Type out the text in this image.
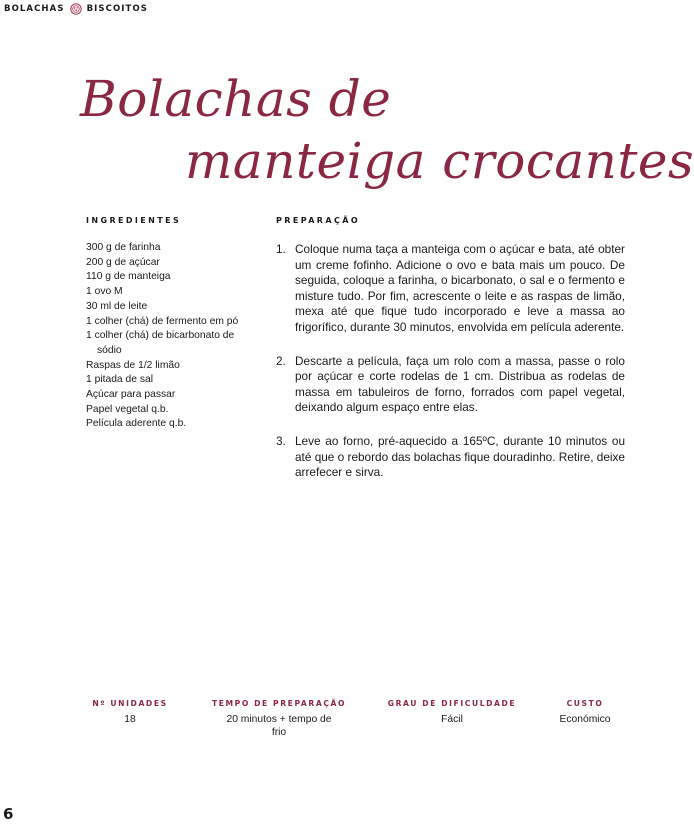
BOLACHAS	BISCOITOS
Bolachas de
manteiga crocantes
INGREDIENTES
300 g de farinha
200 g de açúcar
110 g de manteiga
1 ovo M
30 ml de leite
1 colher (chá) de fermento em pó
1 colher (chá) de bicarbonato de sódio
Raspas de 1/2 limão
1 pitada de sal
Açúcar para passar
Papel vegetal q.b.
Película aderente q.b.
PREPARAÇÃO
1. Coloque numa taça a manteiga com o açúcar e bata, até obter um creme fofinho. Adicione o ovo e bata mais um pouco. De seguida, coloque a farinha, o bicarbonato, o sal e o fermento e misture tudo. Por fim, acrescente o leite e as raspas de limão, mexa até que fique tudo incorporado e leve a massa ao frigorífico, durante 30 minutos, envolvida em película aderente.
2. Descarte a película, faça um rolo com a massa, passe o rolo por açúcar e corte rodelas de 1 cm. Distribua as rodelas de massa em tabuleiros de forno, forrados com papel vegetal, deixando algum espaço entre elas.
3. Leve ao forno, pré-aquecido a 165ºC, durante 10 minutos ou até que o rebordo das bolachas fique douradinho. Retire, deixe arrefecer e sirva.
Nº UNIDADES
18
TEMPO DE PREPARAÇÃO
20 minutos + tempo de frio
GRAU DE DIFICULDADE
Fácil
CUSTO
Económico
6
